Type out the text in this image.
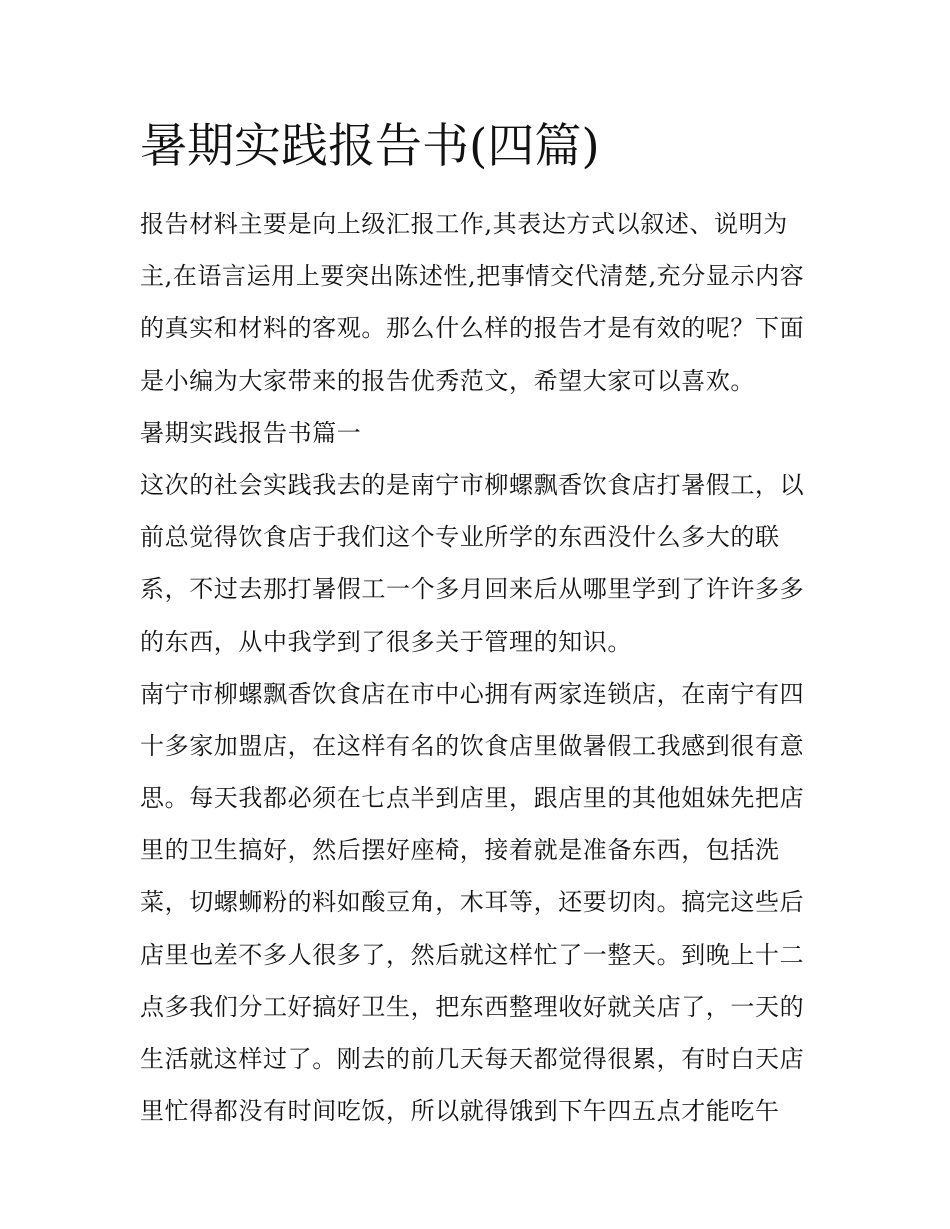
暑期实践报告书(四篇)
报告材料主要是向上级汇报工作,其表达方式以叙述、说明为
主,在语言运用上要突出陈述性,把事情交代清楚,充分显示内容
的真实和材料的客观。那么什么样的报告才是有效的呢？下面
是小编为大家带来的报告优秀范文，希望大家可以喜欢。
暑期实践报告书篇一
这次的社会实践我去的是南宁市柳螺飘香饮食店打暑假工，以
前总觉得饮食店于我们这个专业所学的东西没什么多大的联
系，不过去那打暑假工一个多月回来后从哪里学到了许许多多
的东西，从中我学到了很多关于管理的知识。
南宁市柳螺飘香饮食店在市中心拥有两家连锁店，在南宁有四
十多家加盟店，在这样有名的饮食店里做暑假工我感到很有意
思。每天我都必须在七点半到店里，跟店里的其他姐妹先把店
里的卫生搞好，然后摆好座椅，接着就是准备东西，包括洗
菜，切螺蛳粉的料如酸豆角，木耳等，还要切肉。搞完这些后
店里也差不多人很多了，然后就这样忙了一整天。到晚上十二
点多我们分工好搞好卫生，把东西整理收好就关店了，一天的
生活就这样过了。刚去的前几天每天都觉得很累，有时白天店
里忙得都没有时间吃饭，所以就得饿到下午四五点才能吃午
